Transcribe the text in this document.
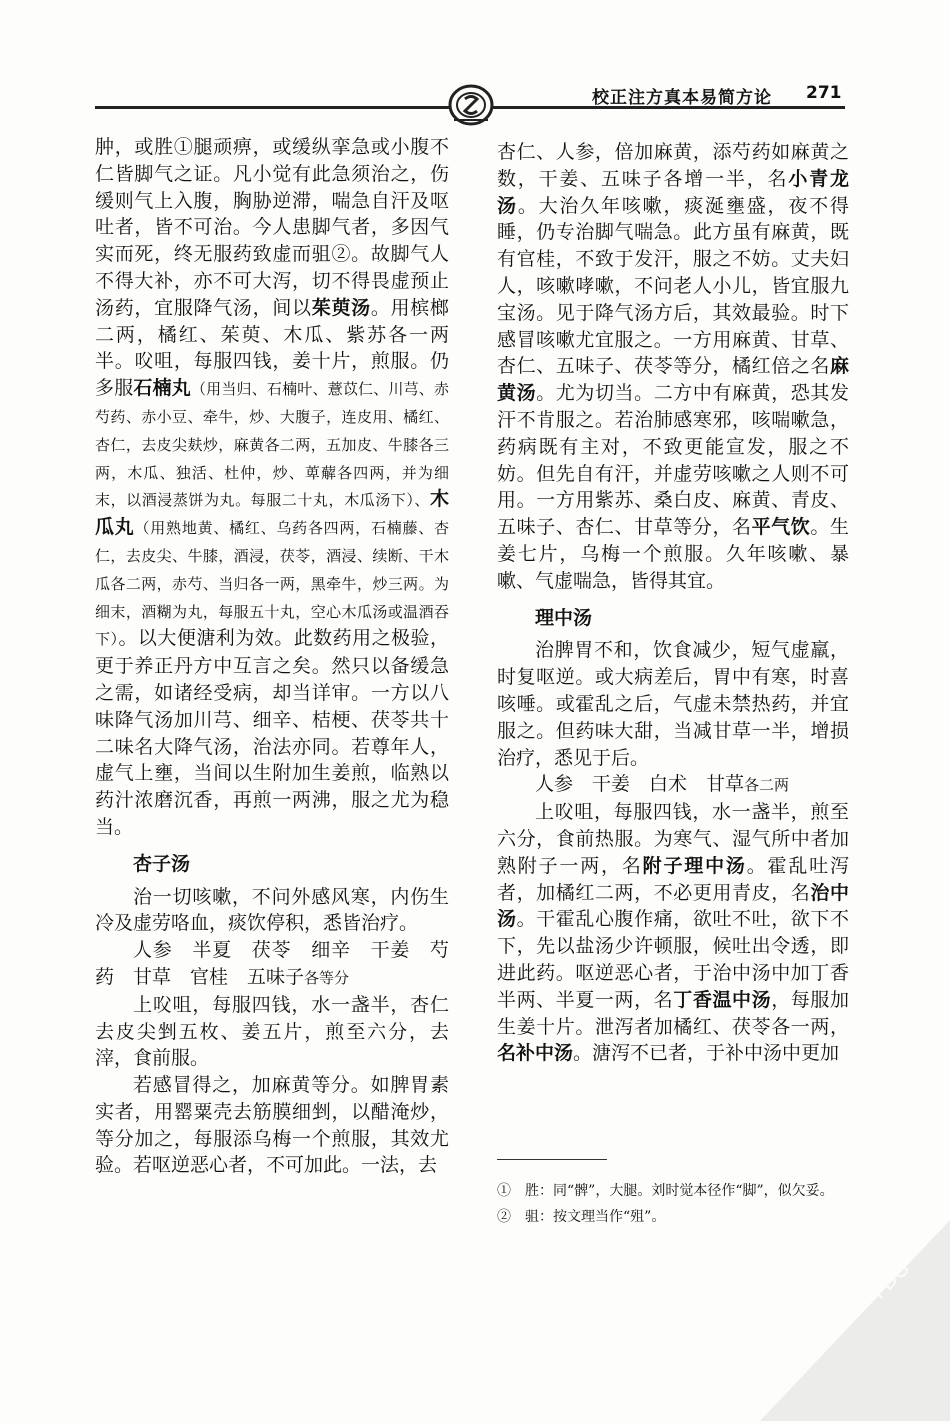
校正注方真本易简方论 271

肿，或胜①腿顽痹，或缓纵挛急或小腹不仁皆脚气之证。凡小觉有此急须治之，伤缓则气上入腹，胸胁逆滞，喘急自汗及呕吐者，皆不可治。今人患脚气者，多因气实而死，终无服药致虚而驵②。故脚气人不得大补，亦不可大泻，切不得畏虚预止汤药，宜服降气汤，间以茱萸汤。用槟榔二两，橘红、茱萸、木瓜、紫苏各一两半。㕮咀，每服四钱，姜十片，煎服。仍多服石楠丸（用当归、石楠叶、薏苡仁、川芎、赤芍药、赤小豆、牵牛，炒、大腹子，连皮用、橘红、杏仁，去皮尖麸炒，麻黄各二两，五加皮、牛膝各三两，木瓜、独活、杜仲，炒、萆薢各四两，并为细末，以酒浸蒸饼为丸。每服二十丸，木瓜汤下）、木瓜丸（用熟地黄、橘红、乌药各四两，石楠藤、杏仁，去皮尖、牛膝，酒浸，茯苓，酒浸、续断、干木瓜各二两，赤芍、当归各一两，黑牵牛，炒三两。为细末，酒糊为丸，每服五十丸，空心木瓜汤或温酒吞下）。以大便溏利为效。此数药用之极验，更于养正丹方中互言之矣。然只以备缓急之需，如诸经受病，却当详审。一方以八味降气汤加川芎、细辛、桔梗、茯苓共十二味名大降气汤，治法亦同。若尊年人，虚气上壅，当间以生附加生姜煎，临熟以药汁浓磨沉香，再煎一两沸，服之尤为稳当。

杏子汤

治一切咳嗽，不问外感风寒，内伤生冷及虚劳咯血，痰饮停积，悉皆治疗。

人参　半夏　茯苓　细辛　干姜　芍药　甘草　官桂　五味子各等分

上㕮咀，每服四钱，水一盏半，杏仁去皮尖剉五枚、姜五片，煎至六分，去滓，食前服。

若感冒得之，加麻黄等分。如脾胃素实者，用罂粟壳去筋膜细剉，以醋淹炒，等分加之，每服添乌梅一个煎服，其效尤验。若呕逆恶心者，不可加此。一法，去

杏仁、人参，倍加麻黄，添芍药如麻黄之数，干姜、五味子各增一半，名小青龙汤。大治久年咳嗽，痰涎壅盛，夜不得睡，仍专治脚气喘急。此方虽有麻黄，既有官桂，不致于发汗，服之不妨。丈夫妇人，咳嗽哮嗽，不问老人小儿，皆宜服九宝汤。见于降气汤方后，其效最验。时下感冒咳嗽尤宜服之。一方用麻黄、甘草、杏仁、五味子、茯苓等分，橘红倍之名麻黄汤。尤为切当。二方中有麻黄，恐其发汗不肯服之。若治肺感寒邪，咳喘嗽急，药病既有主对，不致更能宣发，服之不妨。但先自有汗，并虚劳咳嗽之人则不可用。一方用紫苏、桑白皮、麻黄、青皮、五味子、杏仁、甘草等分，名平气饮。生姜七片，乌梅一个煎服。久年咳嗽、暴嗽、气虚喘急，皆得其宜。

理中汤

治脾胃不和，饮食减少，短气虚羸，时复呕逆。或大病差后，胃中有寒，时喜咳唾。或霍乱之后，气虚未禁热药，并宜服之。但药味大甜，当减甘草一半，增损治疗，悉见于后。

人参　干姜　白术　甘草各二两

上㕮咀，每服四钱，水一盏半，煎至六分，食前热服。为寒气、湿气所中者加熟附子一两，名附子理中汤。霍乱吐泻者，加橘红二两，不必更用青皮，名治中汤。干霍乱心腹作痛，欲吐不吐，欲下不下，先以盐汤少许顿服，候吐出令透，即进此药。呕逆恶心者，于治中汤中加丁香半两、半夏一两，名丁香温中汤，每服加生姜十片。泄泻者加橘红、茯苓各一两，名补中汤。溏泻不已者，于补中汤中更加

①　胜：同“髀”，大腿。刘时觉本径作“脚”，似欠妥。

②　驵：按文理当作“殂”。

PDG
